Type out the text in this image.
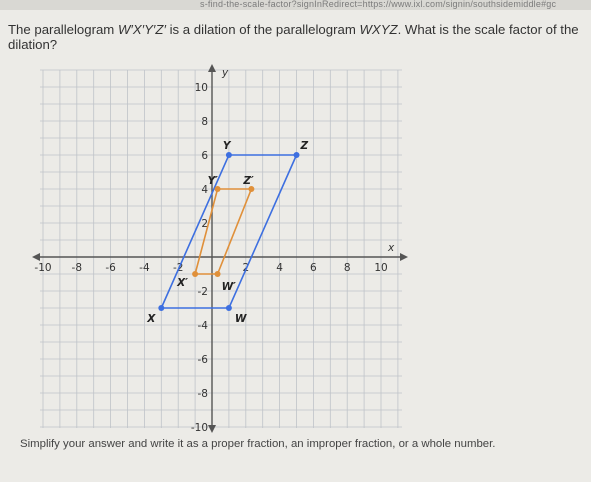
s-find-the-scale-factor?signInRedirect=https://www.ixl.com/signin/southsidemiddle#gc
The parallelogram W′X′Y′Z′ is a dilation of the parallelogram WXYZ. What is the scale factor of the dilation?
x
y
-10 -8 -6 -4 -2	2	4	6	8 10
10
8
6
4
2
-2
-4
-6
-8
-10
W
X
Y	Z
W′
X′
Y′ Z′
Simplify your answer and write it as a proper fraction, an improper fraction, or a whole number.
